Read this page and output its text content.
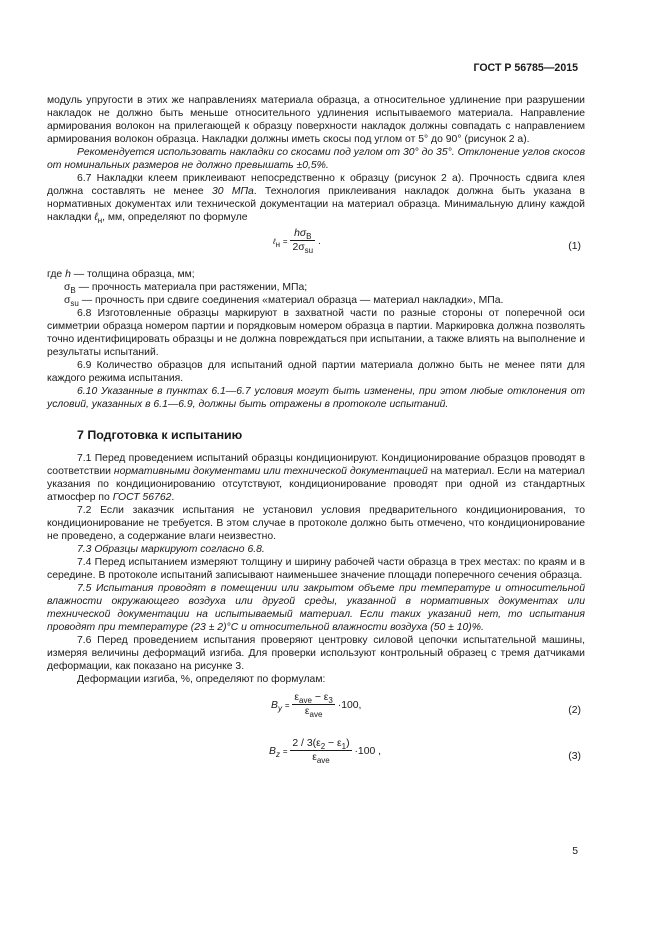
ГОСТ Р 56785—2015

модуль упругости в этих же направлениях материала образца, а относительное удлинение при разрушении накладок не должно быть меньше относительного удлинения испытываемого материала. Направление армирования волокон на прилегающей к образцу поверхности накладок должны совпадать с направлением армирования волокон образца. Накладки должны иметь скосы под углом от 5° до 90° (рисунок 2 а).

Рекомендуется использовать накладки со скосами под углом от 30° до 35°. Отклонение углов скосов от номинальных размеров не должно превышать ±0,5%.

6.7 Накладки клеем приклеивают непосредственно к образцу (рисунок 2 а). Прочность сдвига клея должна составлять не менее 30 МПа. Технология приклеивания накладок должна быть указана в нормативных документах или технической документации на материал образца. Минимальную длину каждой накладки ℓ$_н$, мм, определяют по формуле

ℓн = $\frac{h\sigma_В}{2\sigma_{su}}$ .	(1)
где h — толщина образца, мм;
$\sigma_В$ — прочность материала при растяжении, МПа;
$\sigma_{su}$ — прочность при сдвиге соединения «материал образца — материал накладки», МПа.

6.8 Изготовленные образцы маркируют в захватной части по разные стороны от поперечной оси симметрии образца номером партии и порядковым номером образца в партии. Маркировка должна позволять точно идентифицировать образцы и не должна повреждаться при испытании, а также влиять на выполнение и результаты испытаний.

6.9 Количество образцов для испытаний одной партии материала должно быть не менее пяти для каждого режима испытания.

6.10 Указанные в пунктах 6.1—6.7 условия могут быть изменены, при этом любые отклонения от условий, указанных в 6.1—6.9, должны быть отражены в протоколе испытаний.

7 Подготовка к испытанию

7.1 Перед проведением испытаний образцы кондиционируют. Кондиционирование образцов проводят в соответствии нормативными документами или технической документацией на материал. Если на материал указания по кондиционированию отсутствуют, кондиционирование проводят при одной из стандартных атмосфер по ГОСТ 56762.

7.2 Если заказчик испытания не установил условия предварительного кондиционирования, то кондиционирование не требуется. В этом случае в протоколе должно быть отмечено, что кондиционирование не проведено, а содержание влаги неизвестно.

7.3 Образцы маркируют согласно 6.8.

7.4 Перед испытанием измеряют толщину и ширину рабочей части образца в трех местах: по краям и в середине. В протоколе испытаний записывают наименьшее значение площади поперечного сечения образца.

7.5 Испытания проводят в помещении или закрытом объеме при температуре и относительной влажности окружающего воздуха или другой среды, указанной в нормативных документах или технической документации на испытываемый материал. Если таких указаний нет, то испытания проводят при температуре (23 ± 2)°C и относительной влажности воздуха (50 ± 10)%.

7.6 Перед проведением испытания проверяют центровку силовой цепочки испытательной машины, измеряя величины деформаций изгиба. Для проверки используют контрольный образец с тремя датчиками деформации, как показано на рисунке 3.

Деформации изгиба, %, определяют по формулам:

$B_y = \frac{\varepsilon_{ave} - \varepsilon_3}{\varepsilon_{ave}} \cdot 100$,	(2)
$B_z = \frac{2 / 3(\varepsilon_2 - \varepsilon_1)}{\varepsilon_{ave}} \cdot 100$ ,	(3)
5
